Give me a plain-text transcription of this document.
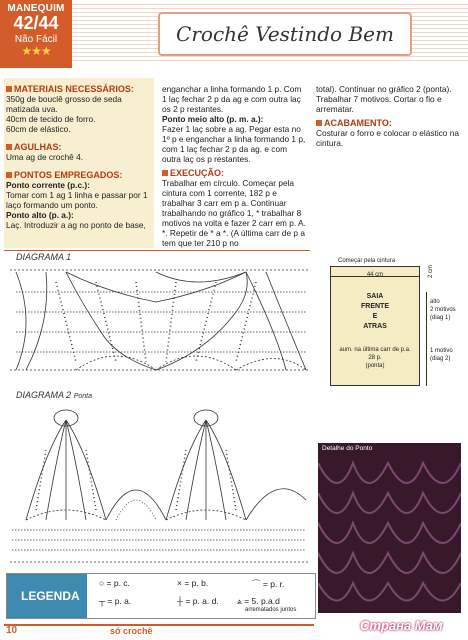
MANEQUIM
42/44
Não Fácil
★★★
Crochê Vestindo Bem
MATERIAIS NECESSÁRIOS:
350g de bouclê grosso de seda matizada uva.
40cm de tecido de forro.
60cm de elástico.
AGULHAS:
Uma ag de crochê 4.
PONTOS EMPREGADOS:
Ponto corrente (p.c.):
Tomar com 1 ag 1 linha e passar por 1 laço formando um ponto.
Ponto alto (p. a.):
Laç. Introduzir a ag no ponto de base,
enganchar a linha formando 1 p. Com 1 laç fechar 2 p da ag e com outra laç os 2 p restantes.
Ponto meio alto (p. m. a.):
Fazer 1 laç sobre a ag. Pegar esta no 1º p e enganchar a linha formando 1 p, com 1 laç fechar 2 p da ag. e com outra laç os p restantes.
EXECUÇÃO:
Trabalhar em círculo. Começar pela cintura com 1 corrente, 182 p e trabalhar 3 carr em p a. Continuar trabalhando no gráfico 1, * trabalhar 8 motivos na volta e fazer 2 carr em p. A. *. Repetir de * a *. (A última carr de p a tem que ter 210 p no
total). Continuar no gráfico 2 (ponta). Trabalhar 7 motivos. Cortar o fio e arrematar.
ACABAMENTO:
Costurar o forro e colocar o elástico na cintura.
DIAGRAMA 1
DIAGRAMA 2 Ponta
Começar pela cintura
44 cm	2 cm
SAIA
FRENTE
E
ATRAS
aum. na última carr de p.a.
28 p.
(ponta)
alto
2 motivos
(diag 1)
1 motivo
(diag 2)
Detalhe do Ponto
LEGENDA
○ = p. c.	× = p. b.	⌒ = p. r.
┬ = p. a.	┼ = p. a. d. ⩓ = 5. p.a.d
arrematados juntos
10	só crochê	Страна Мам
